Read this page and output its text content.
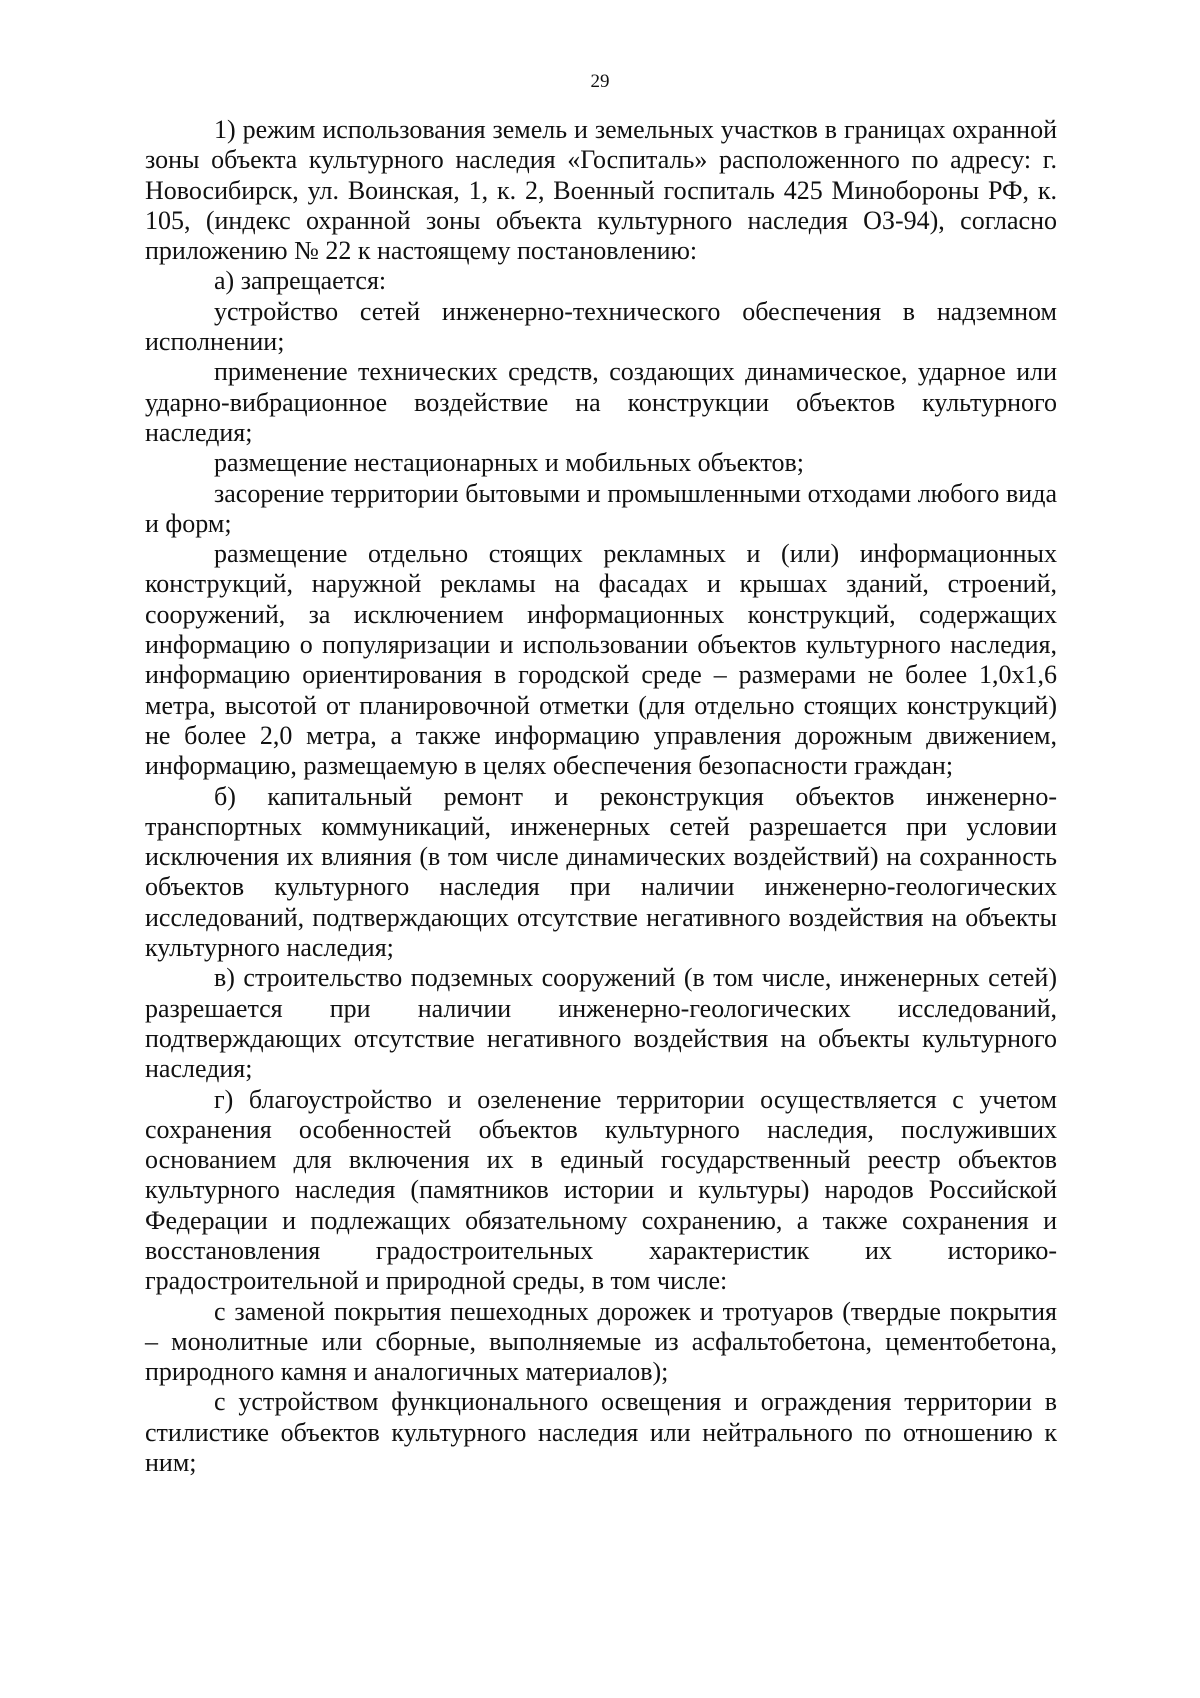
29

1) режим использования земель и земельных участков в границах охранной зоны объекта культурного наследия «Госпиталь» расположенного по адресу: г. Новосибирск, ул. Воинская, 1, к. 2, Военный госпиталь 425 Минобороны РФ, к. 105, (индекс охранной зоны объекта культурного наследия ОЗ-94), согласно приложению № 22 к настоящему постановлению:

а) запрещается:

устройство сетей инженерно-технического обеспечения в надземном исполнении;

применение технических средств, создающих динамическое, ударное или ударно-вибрационное воздействие на конструкции объектов культурного наследия;

размещение нестационарных и мобильных объектов;

засорение территории бытовыми и промышленными отходами любого вида и форм;

размещение отдельно стоящих рекламных и (или) информационных конструкций, наружной рекламы на фасадах и крышах зданий, строений, сооружений, за исключением информационных конструкций, содержащих информацию о популяризации и использовании объектов культурного наследия, информацию ориентирования в городской среде – размерами не более 1,0х1,6 метра, высотой от планировочной отметки (для отдельно стоящих конструкций) не более 2,0 метра, а также информацию управления дорожным движением, информацию, размещаемую в целях обеспечения безопасности граждан;

б) капитальный ремонт и реконструкция объектов инженерно-транспортных коммуникаций, инженерных сетей разрешается при условии исключения их влияния (в том числе динамических воздействий) на сохранность объектов культурного наследия при наличии инженерно-геологических исследований, подтверждающих отсутствие негативного воздействия на объекты культурного наследия;

в) строительство подземных сооружений (в том числе, инженерных сетей) разрешается при наличии инженерно-геологических исследований, подтверждающих отсутствие негативного воздействия на объекты культурного наследия;

г) благоустройство и озеленение территории осуществляется с учетом сохранения особенностей объектов культурного наследия, послуживших основанием для включения их в единый государственный реестр объектов культурного наследия (памятников истории и культуры) народов Российской Федерации и подлежащих обязательному сохранению, а также сохранения и восстановления градостроительных характеристик их историко-градостроительной и природной среды, в том числе:

с заменой покрытия пешеходных дорожек и тротуаров (твердые покрытия – монолитные или сборные, выполняемые из асфальтобетона, цементобетона, природного камня и аналогичных материалов);

с устройством функционального освещения и ограждения территории в стилистике объектов культурного наследия или нейтрального по отношению к ним;
